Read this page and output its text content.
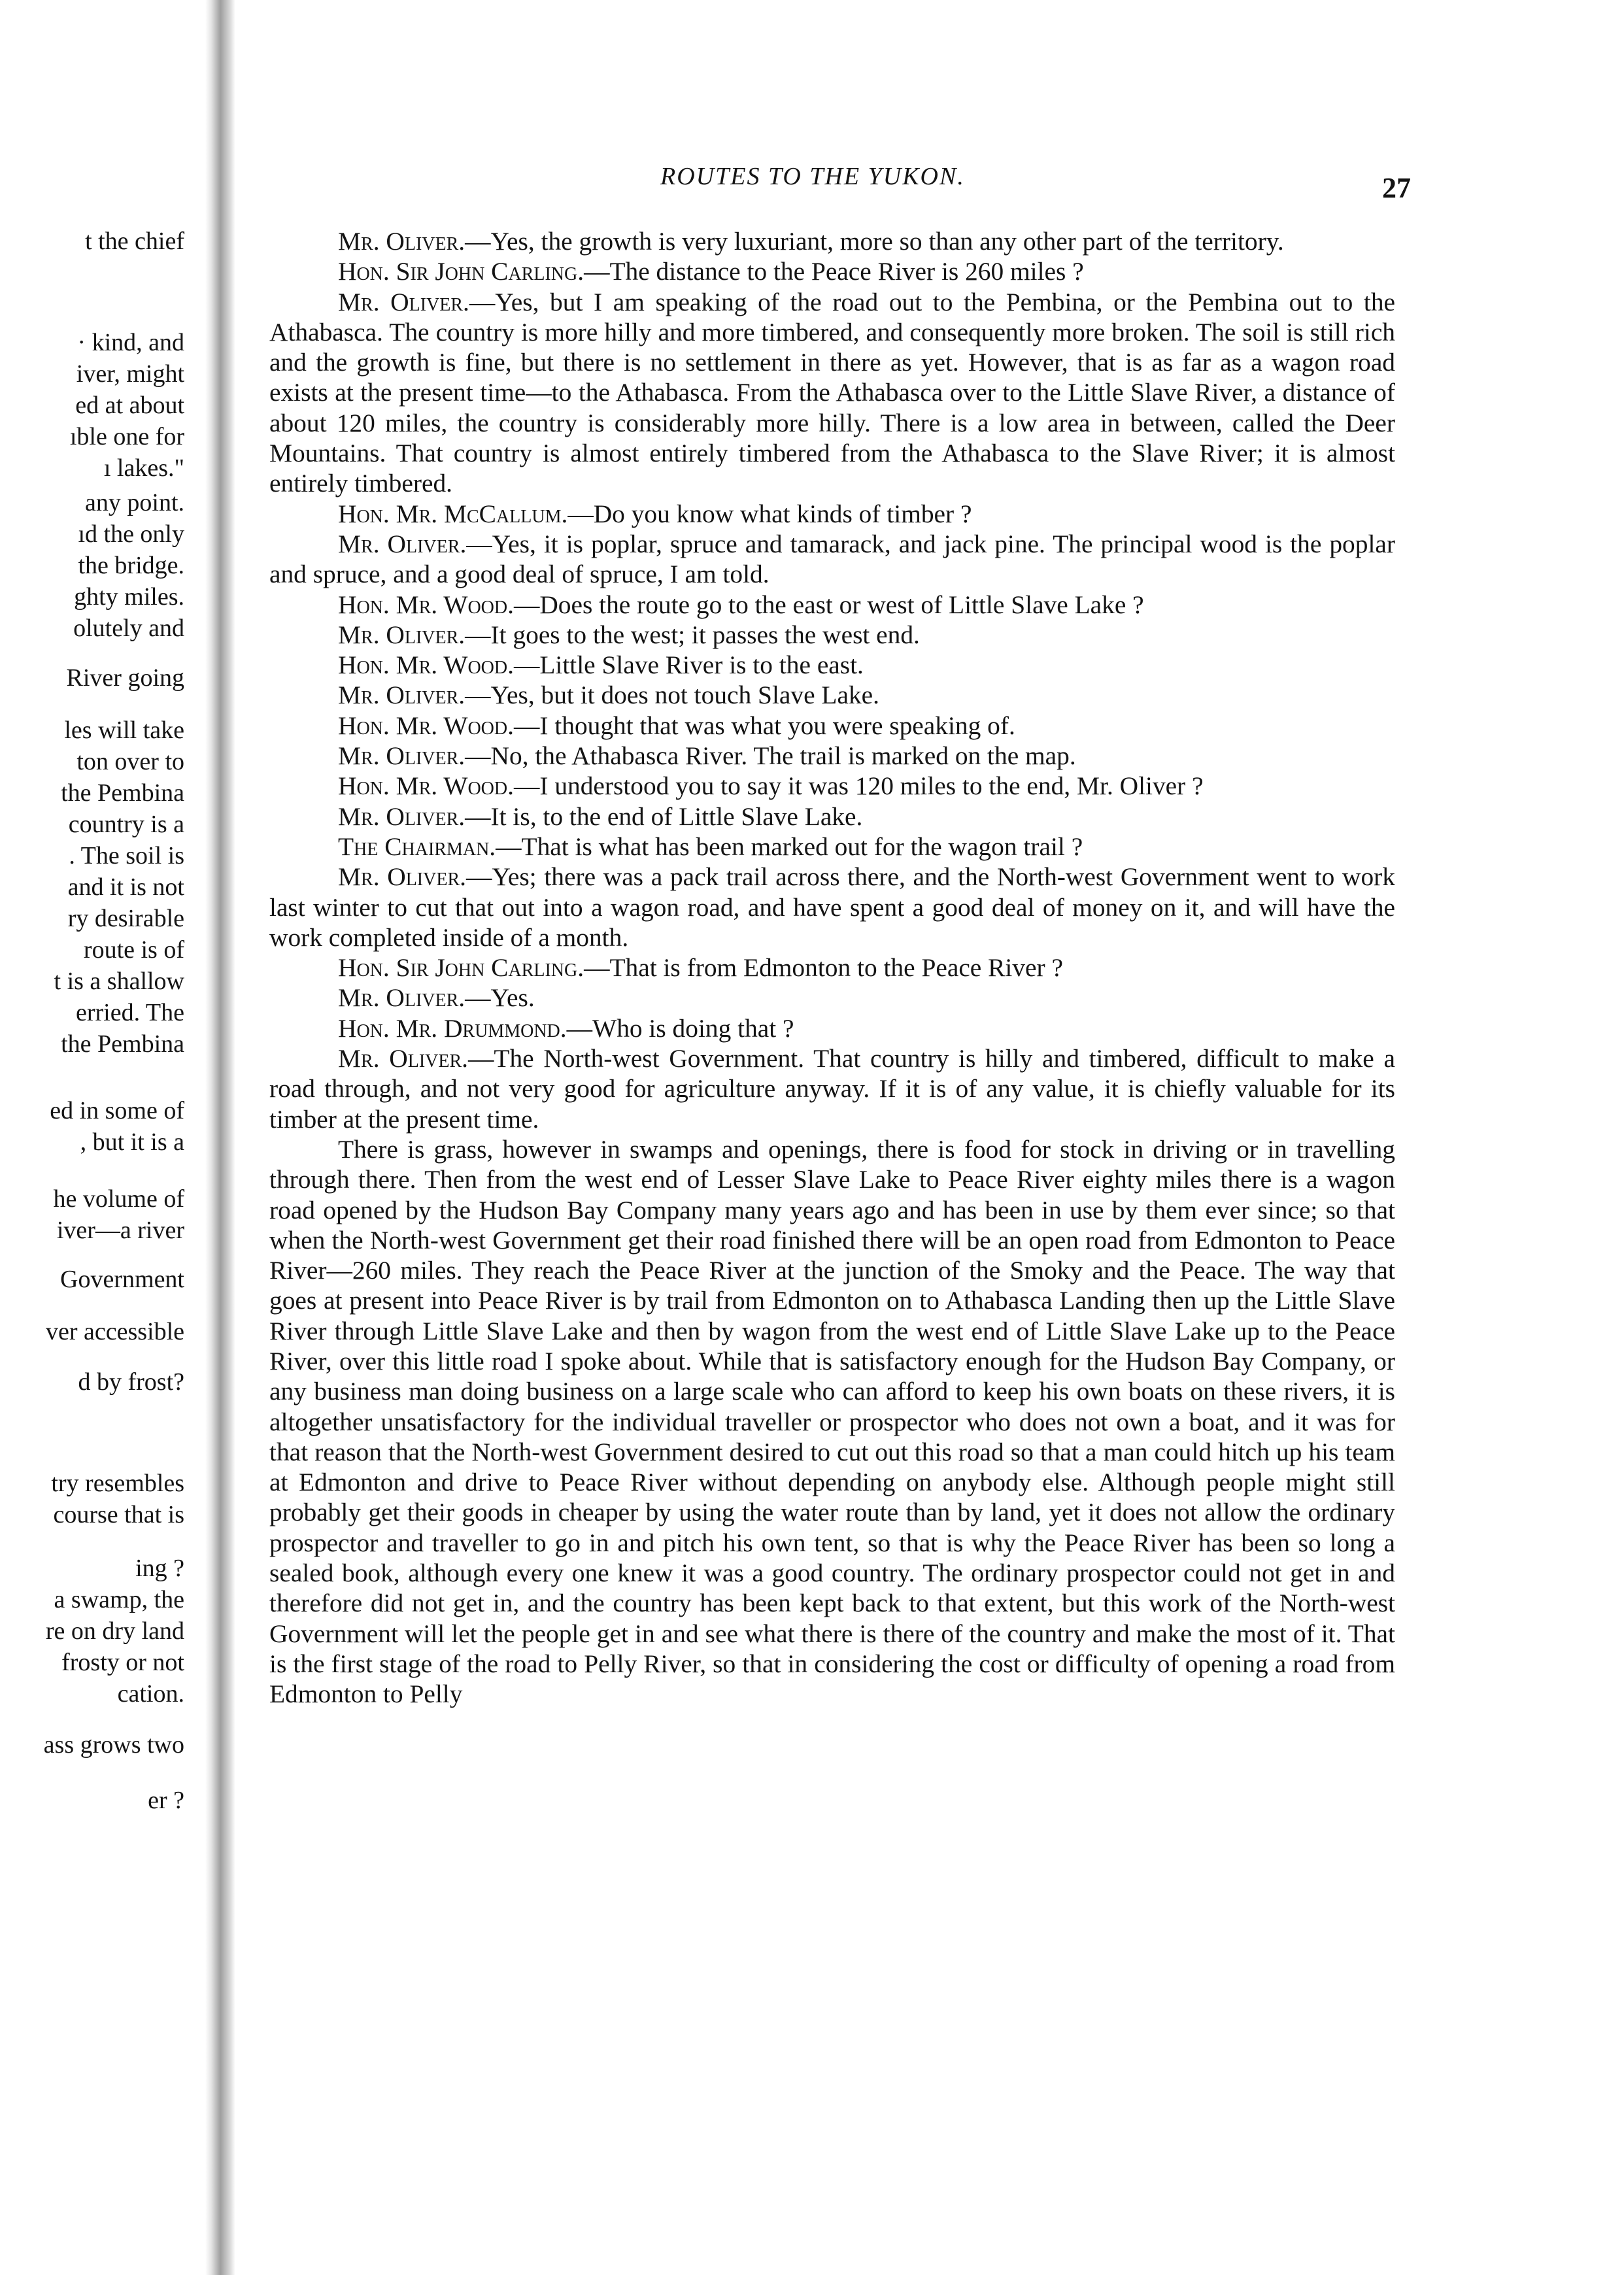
t the chief
· kind, and
iver, might
ed at about
ıble one for
ı lakes."
any point.
ıd the only
the bridge.
ghty miles.
olutely and
River going
les will take
ton over to
the Pembina
country is a
. The soil is
and it is not
ry desirable
route is of
t is a shallow
erried. The
the Pembina
ed in some of
, but it is a
he volume of
iver—a river
Government
ver accessible
d by frost?
try resembles
course that is
ing ?
a swamp, the
re on dry land
frosty or not
cation.
ass grows two
er ?
ROUTES TO THE YUKON.	27

Mr. Oliver.—Yes, the growth is very luxuriant, more so than any other part of the territory.

Hon. Sir John Carling.—The distance to the Peace River is 260 miles ?

Mr. Oliver.—Yes, but I am speaking of the road out to the Pembina, or the Pembina out to the Athabasca. The country is more hilly and more timbered, and consequently more broken. The soil is still rich and the growth is fine, but there is no settlement in there as yet. However, that is as far as a wagon road exists at the present time—to the Athabasca. From the Athabasca over to the Little Slave River, a distance of about 120 miles, the country is considerably more hilly. There is a low area in between, called the Deer Mountains. That country is almost entirely timbered from the Athabasca to the Slave River; it is almost entirely timbered.

Hon. Mr. McCallum.—Do you know what kinds of timber ?

Mr. Oliver.—Yes, it is poplar, spruce and tamarack, and jack pine. The principal wood is the poplar and spruce, and a good deal of spruce, I am told.

Hon. Mr. Wood.—Does the route go to the east or west of Little Slave Lake ?

Mr. Oliver.—It goes to the west; it passes the west end.

Hon. Mr. Wood.—Little Slave River is to the east.

Mr. Oliver.—Yes, but it does not touch Slave Lake.

Hon. Mr. Wood.—I thought that was what you were speaking of.

Mr. Oliver.—No, the Athabasca River. The trail is marked on the map.

Hon. Mr. Wood.—I understood you to say it was 120 miles to the end, Mr. Oliver ?

Mr. Oliver.—It is, to the end of Little Slave Lake.

The Chairman.—That is what has been marked out for the wagon trail ?

Mr. Oliver.—Yes; there was a pack trail across there, and the North-west Government went to work last winter to cut that out into a wagon road, and have spent a good deal of money on it, and will have the work completed inside of a month.

Hon. Sir John Carling.—That is from Edmonton to the Peace River ?

Mr. Oliver.—Yes.

Hon. Mr. Drummond.—Who is doing that ?

Mr. Oliver.—The North-west Government. That country is hilly and timbered, difficult to make a road through, and not very good for agriculture anyway. If it is of any value, it is chiefly valuable for its timber at the present time.

There is grass, however in swamps and openings, there is food for stock in driving or in travelling through there. Then from the west end of Lesser Slave Lake to Peace River eighty miles there is a wagon road opened by the Hudson Bay Company many years ago and has been in use by them ever since; so that when the North-west Government get their road finished there will be an open road from Edmonton to Peace River—260 miles. They reach the Peace River at the junction of the Smoky and the Peace. The way that goes at present into Peace River is by trail from Edmonton on to Athabasca Landing then up the Little Slave River through Little Slave Lake and then by wagon from the west end of Little Slave Lake up to the Peace River, over this little road I spoke about. While that is satisfactory enough for the Hudson Bay Company, or any business man doing business on a large scale who can afford to keep his own boats on these rivers, it is altogether unsatisfactory for the individual traveller or prospector who does not own a boat, and it was for that reason that the North-west Government desired to cut out this road so that a man could hitch up his team at Edmonton and drive to Peace River without depending on anybody else. Although people might still probably get their goods in cheaper by using the water route than by land, yet it does not allow the ordinary prospector and traveller to go in and pitch his own tent, so that is why the Peace River has been so long a sealed book, although every one knew it was a good country. The ordinary prospector could not get in and therefore did not get in, and the country has been kept back to that extent, but this work of the North-west Government will let the people get in and see what there is there of the country and make the most of it. That is the first stage of the road to Pelly River, so that in considering the cost or difficulty of opening a road from Edmonton to Pelly
